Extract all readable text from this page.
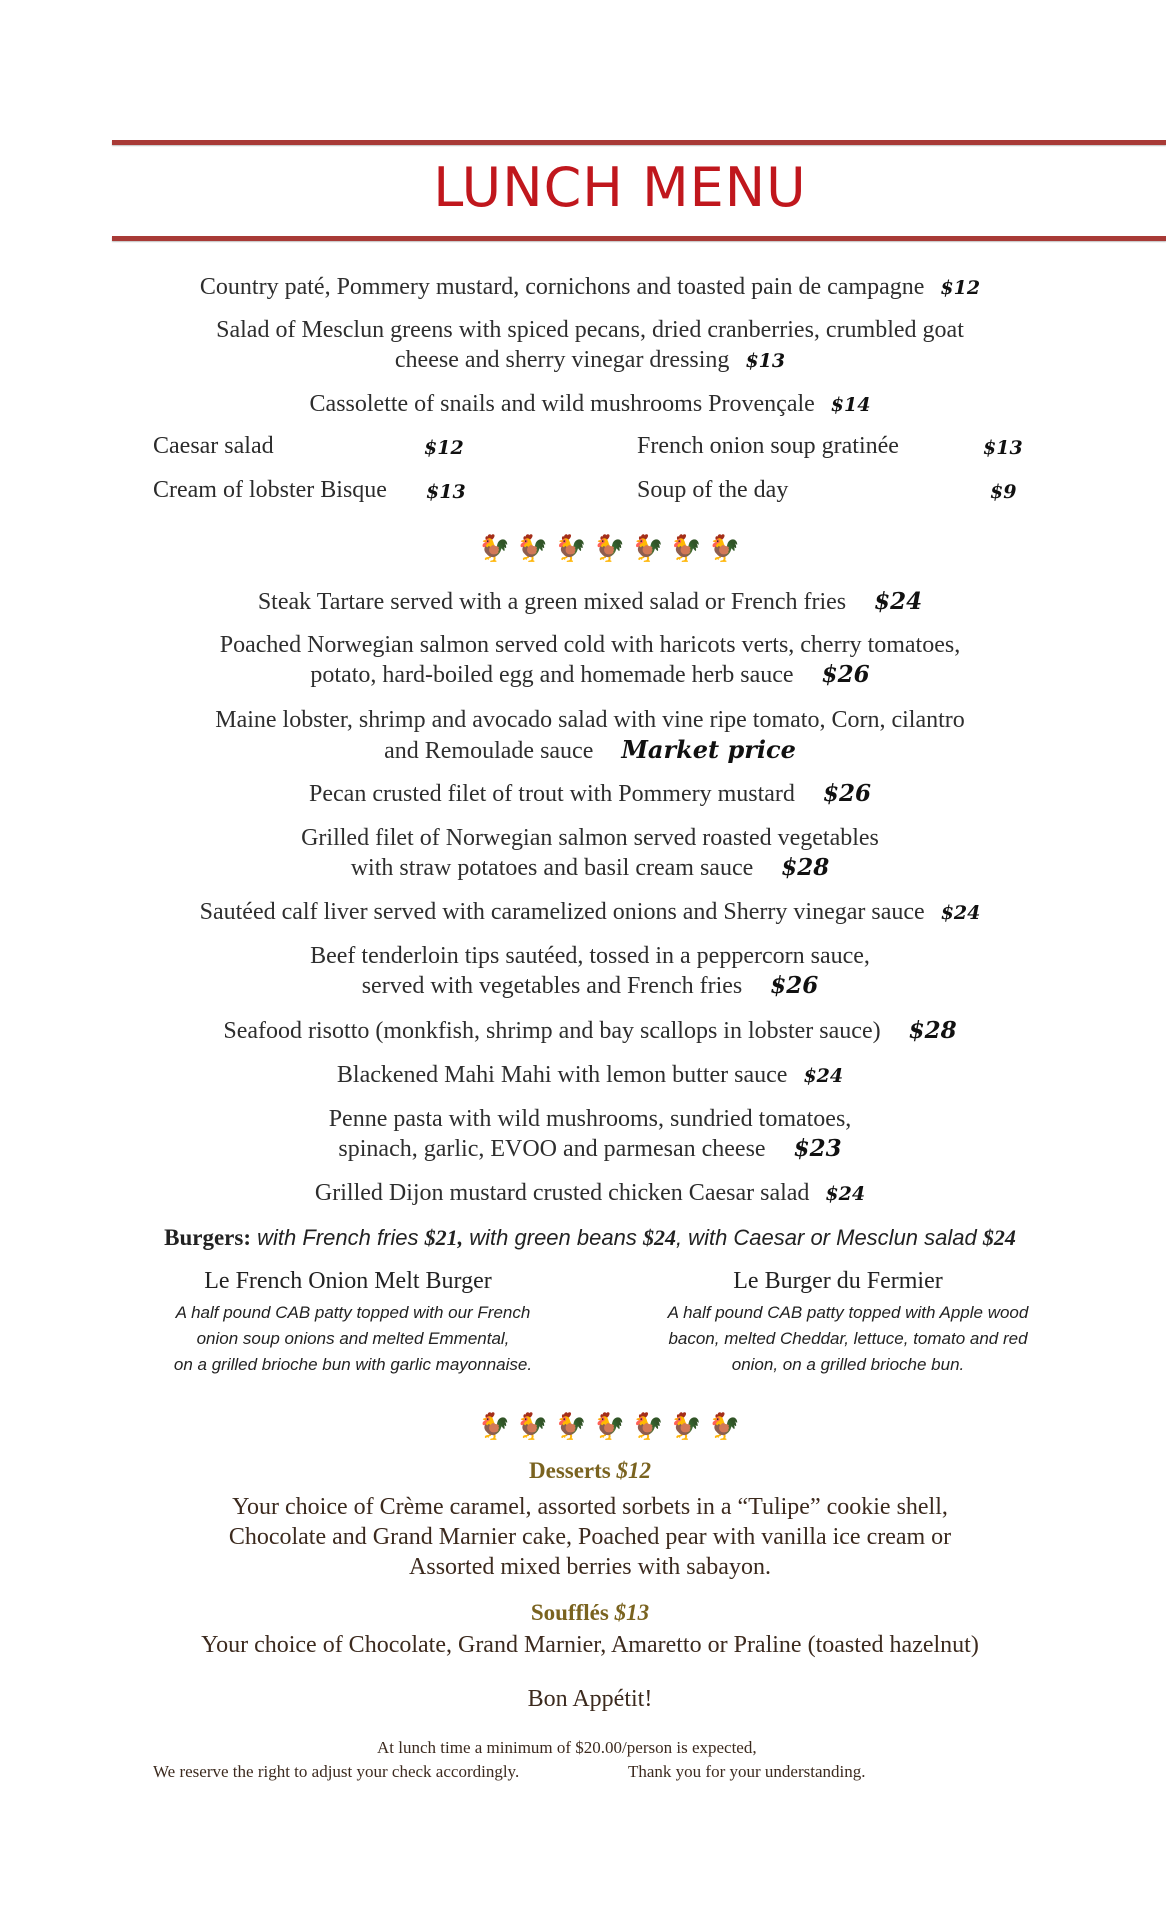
LUNCH MENU
Country paté, Pommery mustard, cornichons and toasted pain de campagne $12
Salad of Mesclun greens with spiced pecans, dried cranberries, crumbled goat
cheese and sherry vinegar dressing $13
Cassolette of snails and wild mushrooms Provençale $14
Caesar salad	$12	French onion soup gratinée	$13
Cream of lobster Bisque $13	Soup of the day	$9
🐓🐓🐓🐓🐓🐓🐓
Steak Tartare served with a green mixed salad or French fries $24
Poached Norwegian salmon served cold with haricots verts, cherry tomatoes,
potato, hard-boiled egg and homemade herb sauce $26
Maine lobster, shrimp and avocado salad with vine ripe tomato, Corn, cilantro
and Remoulade sauce Market price
Pecan crusted filet of trout with Pommery mustard $26
Grilled filet of Norwegian salmon served roasted vegetables
with straw potatoes and basil cream sauce $28
Sautéed calf liver served with caramelized onions and Sherry vinegar sauce $24
Beef tenderloin tips sautéed, tossed in a peppercorn sauce,
served with vegetables and French fries $26
Seafood risotto (monkfish, shrimp and bay scallops in lobster sauce) $28
Blackened Mahi Mahi with lemon butter sauce $24
Penne pasta with wild mushrooms, sundried tomatoes,
spinach, garlic, EVOO and parmesan cheese $23
Grilled Dijon mustard crusted chicken Caesar salad $24
Burgers: with French fries $21, with green beans $24, with Caesar or Mesclun salad $24
Le French Onion Melt Burger
A half pound CAB patty topped with our French
onion soup onions and melted Emmental,
on a grilled brioche bun with garlic mayonnaise.
Le Burger du Fermier
A half pound CAB patty topped with Apple wood
bacon, melted Cheddar, lettuce, tomato and red
onion, on a grilled brioche bun.
🐓🐓🐓🐓🐓🐓🐓
Desserts $12
Your choice of Crème caramel, assorted sorbets in a “Tulipe” cookie shell,
Chocolate and Grand Marnier cake, Poached pear with vanilla ice cream or
Assorted mixed berries with sabayon.
Soufflés $13
Your choice of Chocolate, Grand Marnier, Amaretto or Praline (toasted hazelnut)
Bon Appétit!
At lunch time a minimum of $20.00/person is expected,
We reserve the right to adjust your check accordingly.	Thank you for your understanding.
